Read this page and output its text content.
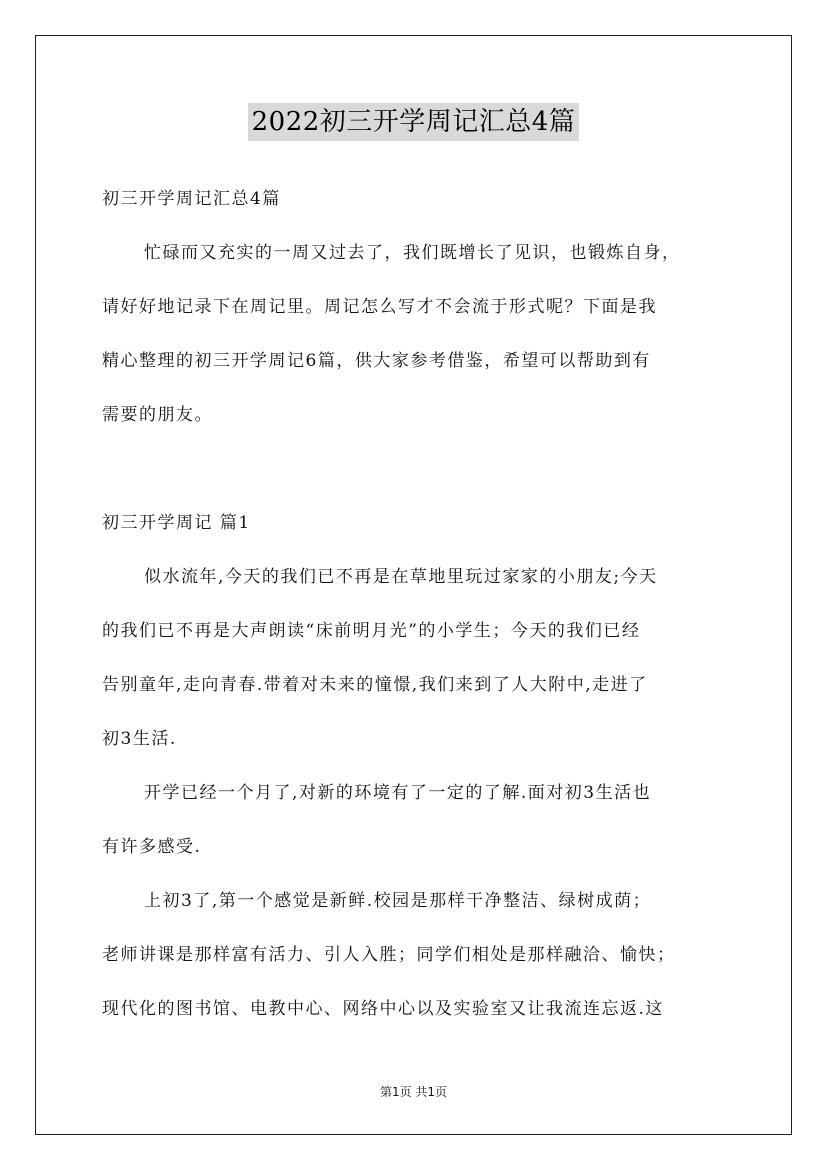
2022初三开学周记汇总4篇
初三开学周记汇总4篇
忙碌而又充实的一周又过去了，我们既增长了见识，也锻炼自身，
请好好地记录下在周记里。周记怎么写才不会流于形式呢？下面是我
精心整理的初三开学周记6篇，供大家参考借鉴，希望可以帮助到有
需要的朋友。
初三开学周记 篇1
似水流年,今天的我们已不再是在草地里玩过家家的小朋友;今天
的我们已不再是大声朗读“床前明月光”的小学生；今天的我们已经
告别童年,走向青春.带着对未来的憧憬,我们来到了人大附中,走进了
初3生活.
开学已经一个月了,对新的环境有了一定的了解.面对初3生活也
有许多感受.
上初3了,第一个感觉是新鲜.校园是那样干净整洁、绿树成荫；
老师讲课是那样富有活力、引人入胜；同学们相处是那样融洽、愉快；
现代化的图书馆、电教中心、网络中心以及实验室又让我流连忘返.这
第1页 共1页
